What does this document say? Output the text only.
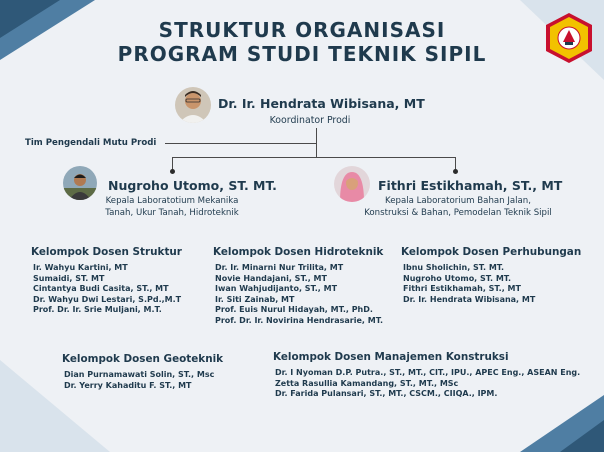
STRUKTUR ORGANISASI
PROGRAM STUDI TEKNIK SIPIL
Dr. Ir. Hendrata Wibisana, MT
Koordinator Prodi
Tim Pengendali Mutu Prodi
Nugroho Utomo, ST. MT.
Kepala Laboratotium Mekanika
Tanah, Ukur Tanah, Hidroteknik
Fithri Estikhamah, ST., MT
Kepala Laboratorium Bahan Jalan,
Konstruksi & Bahan, Pemodelan Teknik Sipil
Kelompok Dosen Struktur
Ir. Wahyu Kartini, MT
Sumaidi, ST. MT
Cintantya Budi Casita, ST., MT
Dr. Wahyu Dwi Lestari, S.Pd.,M.T
Prof. Dr. Ir. Srie Muljani, M.T.
Kelompok Dosen Hidroteknik
Dr. Ir. Minarni Nur Trilita, MT
Novie Handajani, ST., MT
Iwan Wahjudijanto, ST., MT
Ir. Siti Zainab, MT
Prof. Euis Nurul Hidayah, MT., PhD.
Prof. Dr. Ir. Novirina Hendrasarie, MT.
Kelompok Dosen Perhubungan
Ibnu Sholichin, ST. MT.
Nugroho Utomo, ST. MT.
Fithri Estikhamah, ST., MT
Dr. Ir. Hendrata Wibisana, MT
Kelompok Dosen Geoteknik
Dian Purnamawati Solin, ST., Msc
Dr. Yerry Kahaditu F. ST., MT
Kelompok Dosen Manajemen Konstruksi
Dr. I Nyoman D.P. Putra., ST., MT., CIT., IPU., APEC Eng., ASEAN Eng.
Zetta Rasullia Kamandang, ST., MT., MSc
Dr. Farida Pulansari, ST., MT., CSCM., CIIQA., IPM.
